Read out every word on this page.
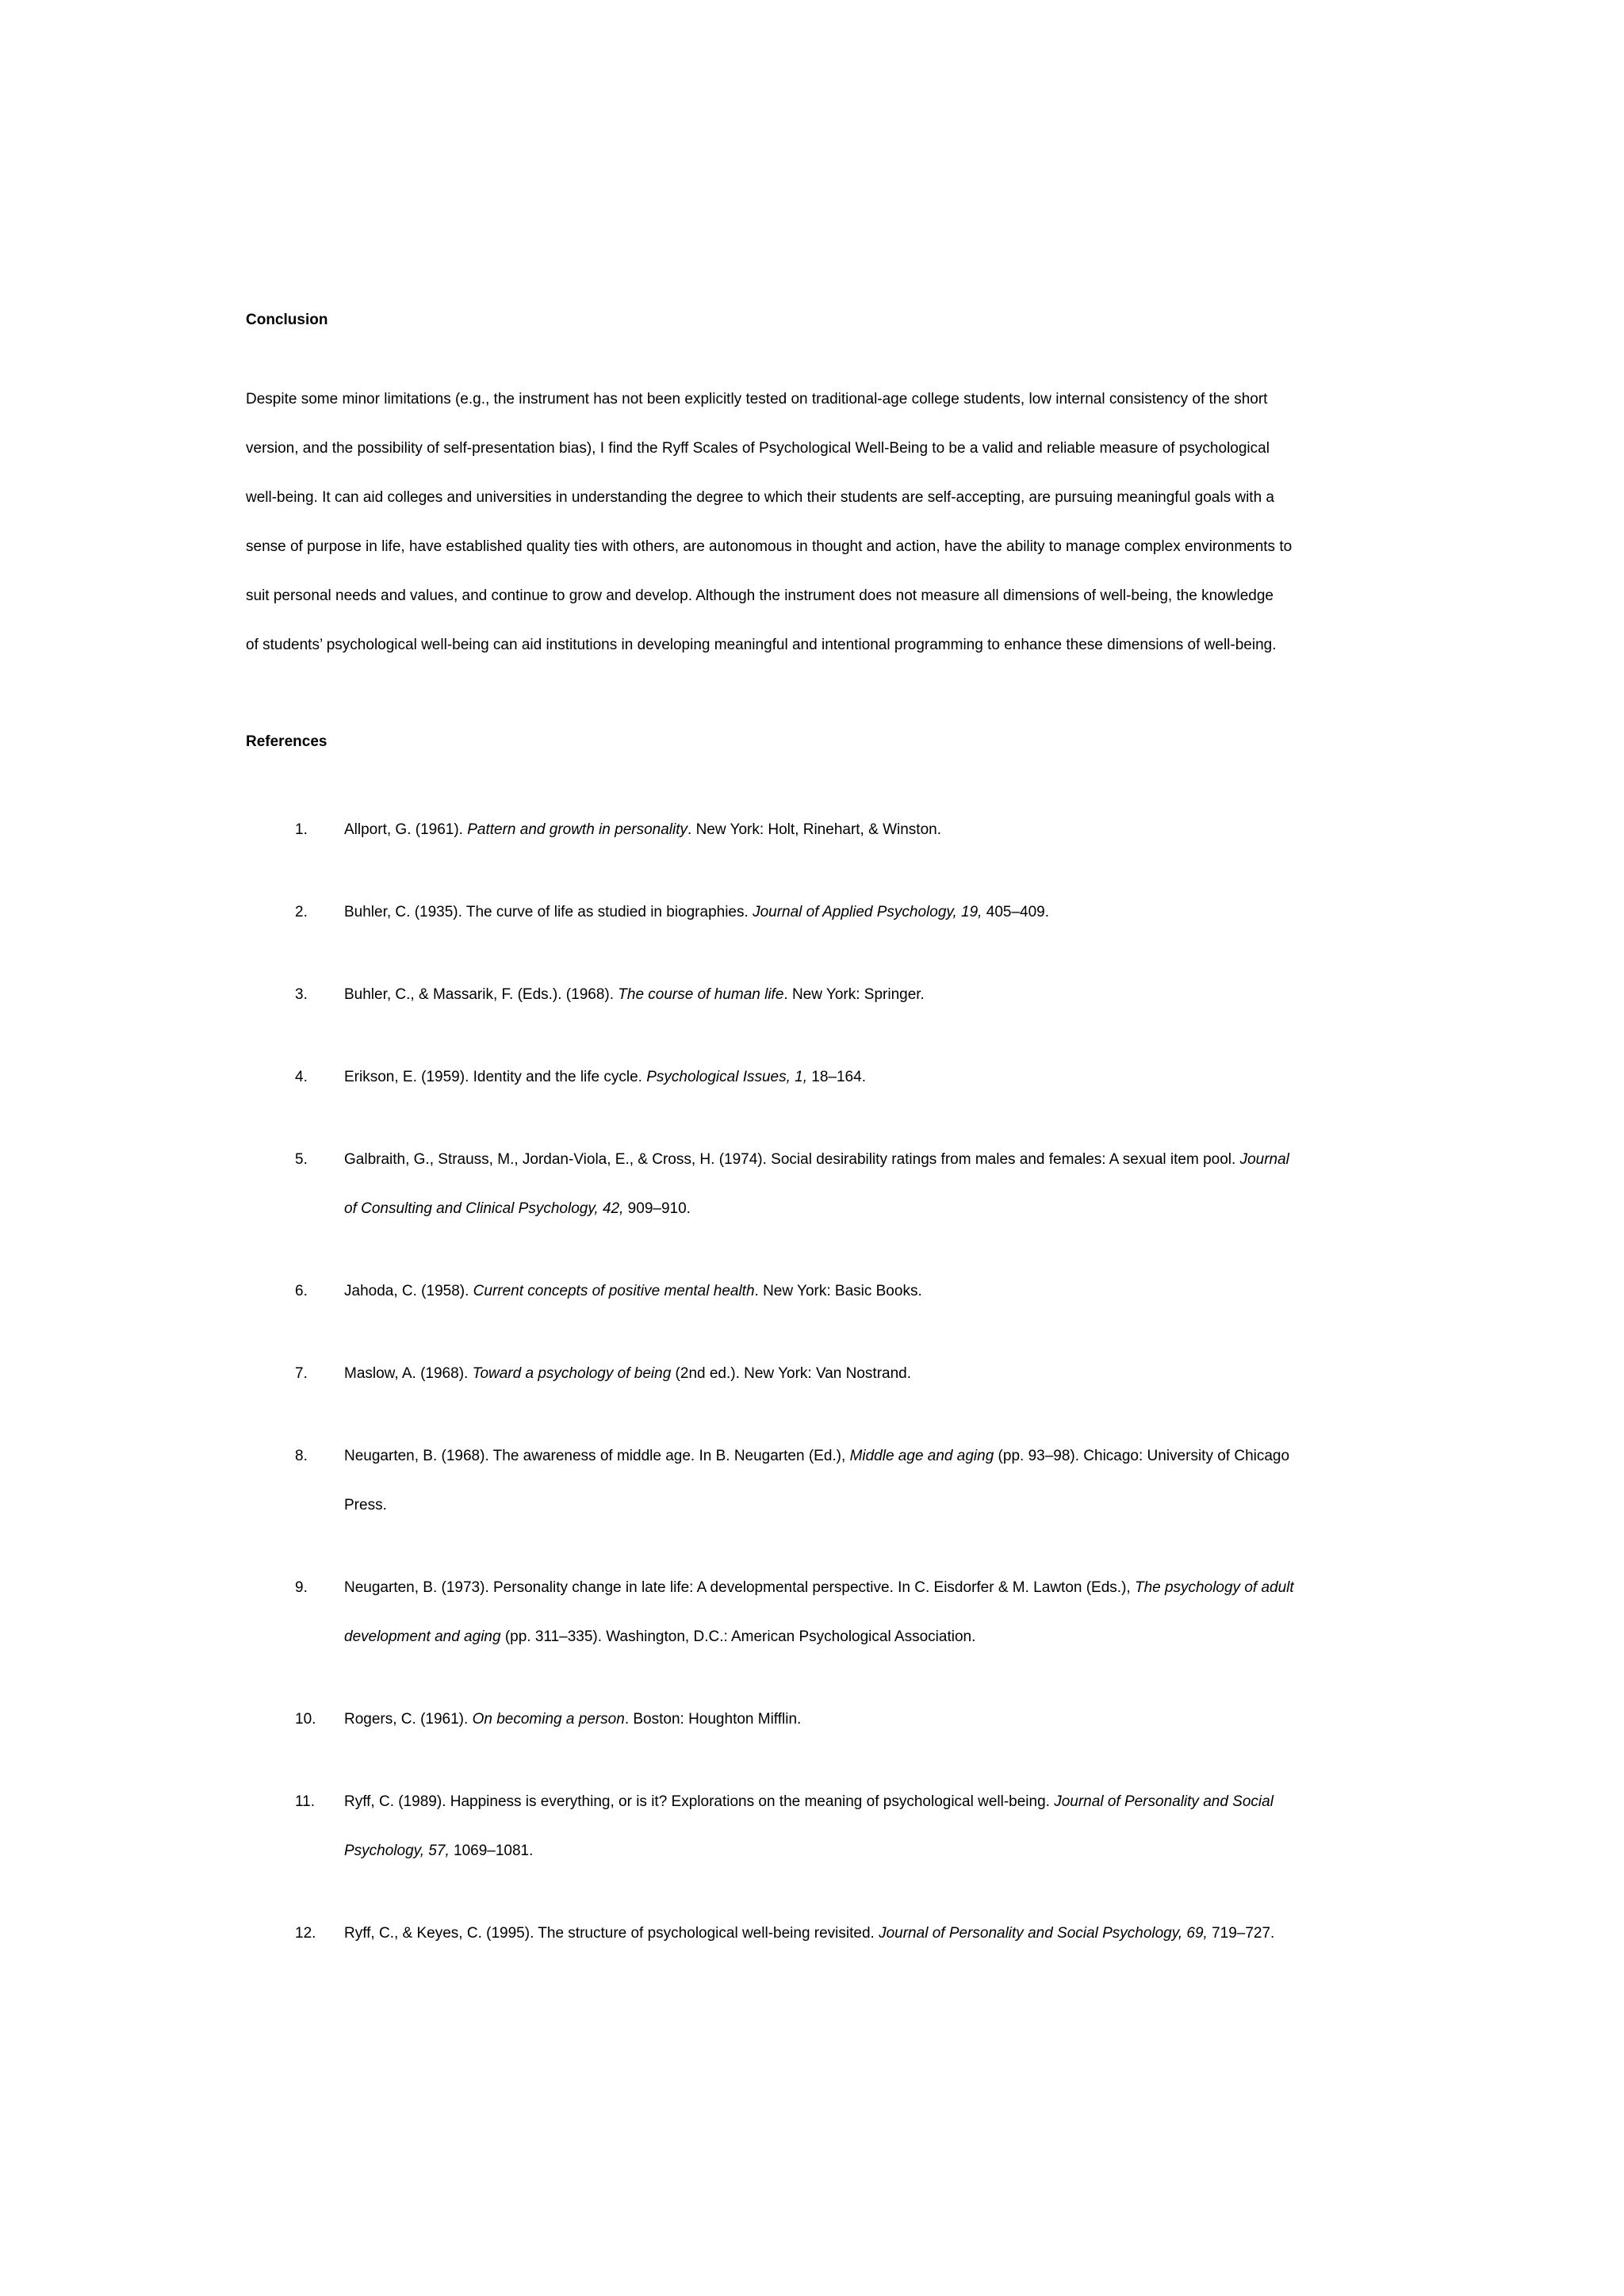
Conclusion
Despite some minor limitations (e.g., the instrument has not been explicitly tested on traditional-age college students, low internal consistency of the short
version, and the possibility of self-presentation bias), I find the Ryff Scales of Psychological Well-Being to be a valid and reliable measure of psychological
well-being. It can aid colleges and universities in understanding the degree to which their students are self-accepting, are pursuing meaningful goals with a
sense of purpose in life, have established quality ties with others, are autonomous in thought and action, have the ability to manage complex environments to
suit personal needs and values, and continue to grow and develop. Although the instrument does not measure all dimensions of well-being, the knowledge
of students’ psychological well-being can aid institutions in developing meaningful and intentional programming to enhance these dimensions of well-being.
References
1. Allport, G. (1961). Pattern and growth in personality. New York: Holt, Rinehart, & Winston.
2. Buhler, C. (1935). The curve of life as studied in biographies. Journal of Applied Psychology, 19, 405–409.
3. Buhler, C., & Massarik, F. (Eds.). (1968). The course of human life. New York: Springer.
4. Erikson, E. (1959). Identity and the life cycle. Psychological Issues, 1, 18–164.
5. Galbraith, G., Strauss, M., Jordan-Viola, E., & Cross, H. (1974). Social desirability ratings from males and females: A sexual item pool. Journal
of Consulting and Clinical Psychology, 42, 909–910.
6. Jahoda, C. (1958). Current concepts of positive mental health. New York: Basic Books.
7. Maslow, A. (1968). Toward a psychology of being (2nd ed.). New York: Van Nostrand.
8. Neugarten, B. (1968). The awareness of middle age. In B. Neugarten (Ed.), Middle age and aging (pp. 93–98). Chicago: University of Chicago
Press.
9. Neugarten, B. (1973). Personality change in late life: A developmental perspective. In C. Eisdorfer & M. Lawton (Eds.), The psychology of adult
development and aging (pp. 311–335). Washington, D.C.: American Psychological Association.
10. Rogers, C. (1961). On becoming a person. Boston: Houghton Mifflin.
11. Ryff, C. (1989). Happiness is everything, or is it? Explorations on the meaning of psychological well-being. Journal of Personality and Social
Psychology, 57, 1069–1081.
12. Ryff, C., & Keyes, C. (1995). The structure of psychological well-being revisited. Journal of Personality and Social Psychology, 69, 719–727.
